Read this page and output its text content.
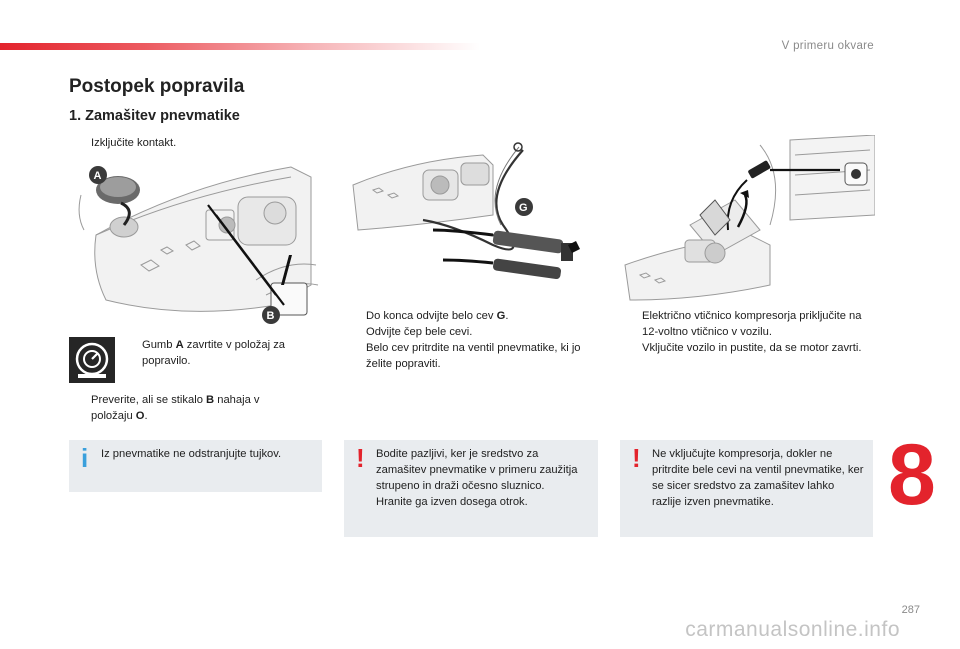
V primeru okvare
Postopek popravila
1. Zamašitev pnevmatike
Izključite kontakt.
A
B
Gumb A zavrtite v položaj za popravilo.
Preverite, ali se stikalo B nahaja v položaju O.
i Iz pnevmatike ne odstranjujte tujkov.
G
Do konca odvijte belo cev G.
Odvijte čep bele cevi.
Belo cev pritrdite na ventil pnevmatike, ki jo želite popraviti.
! Bodite pazljivi, ker je sredstvo za zamašitev pnevmatike v primeru zaužitja strupeno in draži očesno sluznico.
Hranite ga izven dosega otrok.
Električno vtičnico kompresorja priključite na 12-voltno vtičnico v vozilu.
Vključite vozilo in pustite, da se motor zavrti.
! Ne vključujte kompresorja, dokler ne pritrdite bele cevi na ventil pnevmatike, ker se sicer sredstvo za zamašitev lahko razlije izven pnevmatike.	8
287
carmanualsonline.info
